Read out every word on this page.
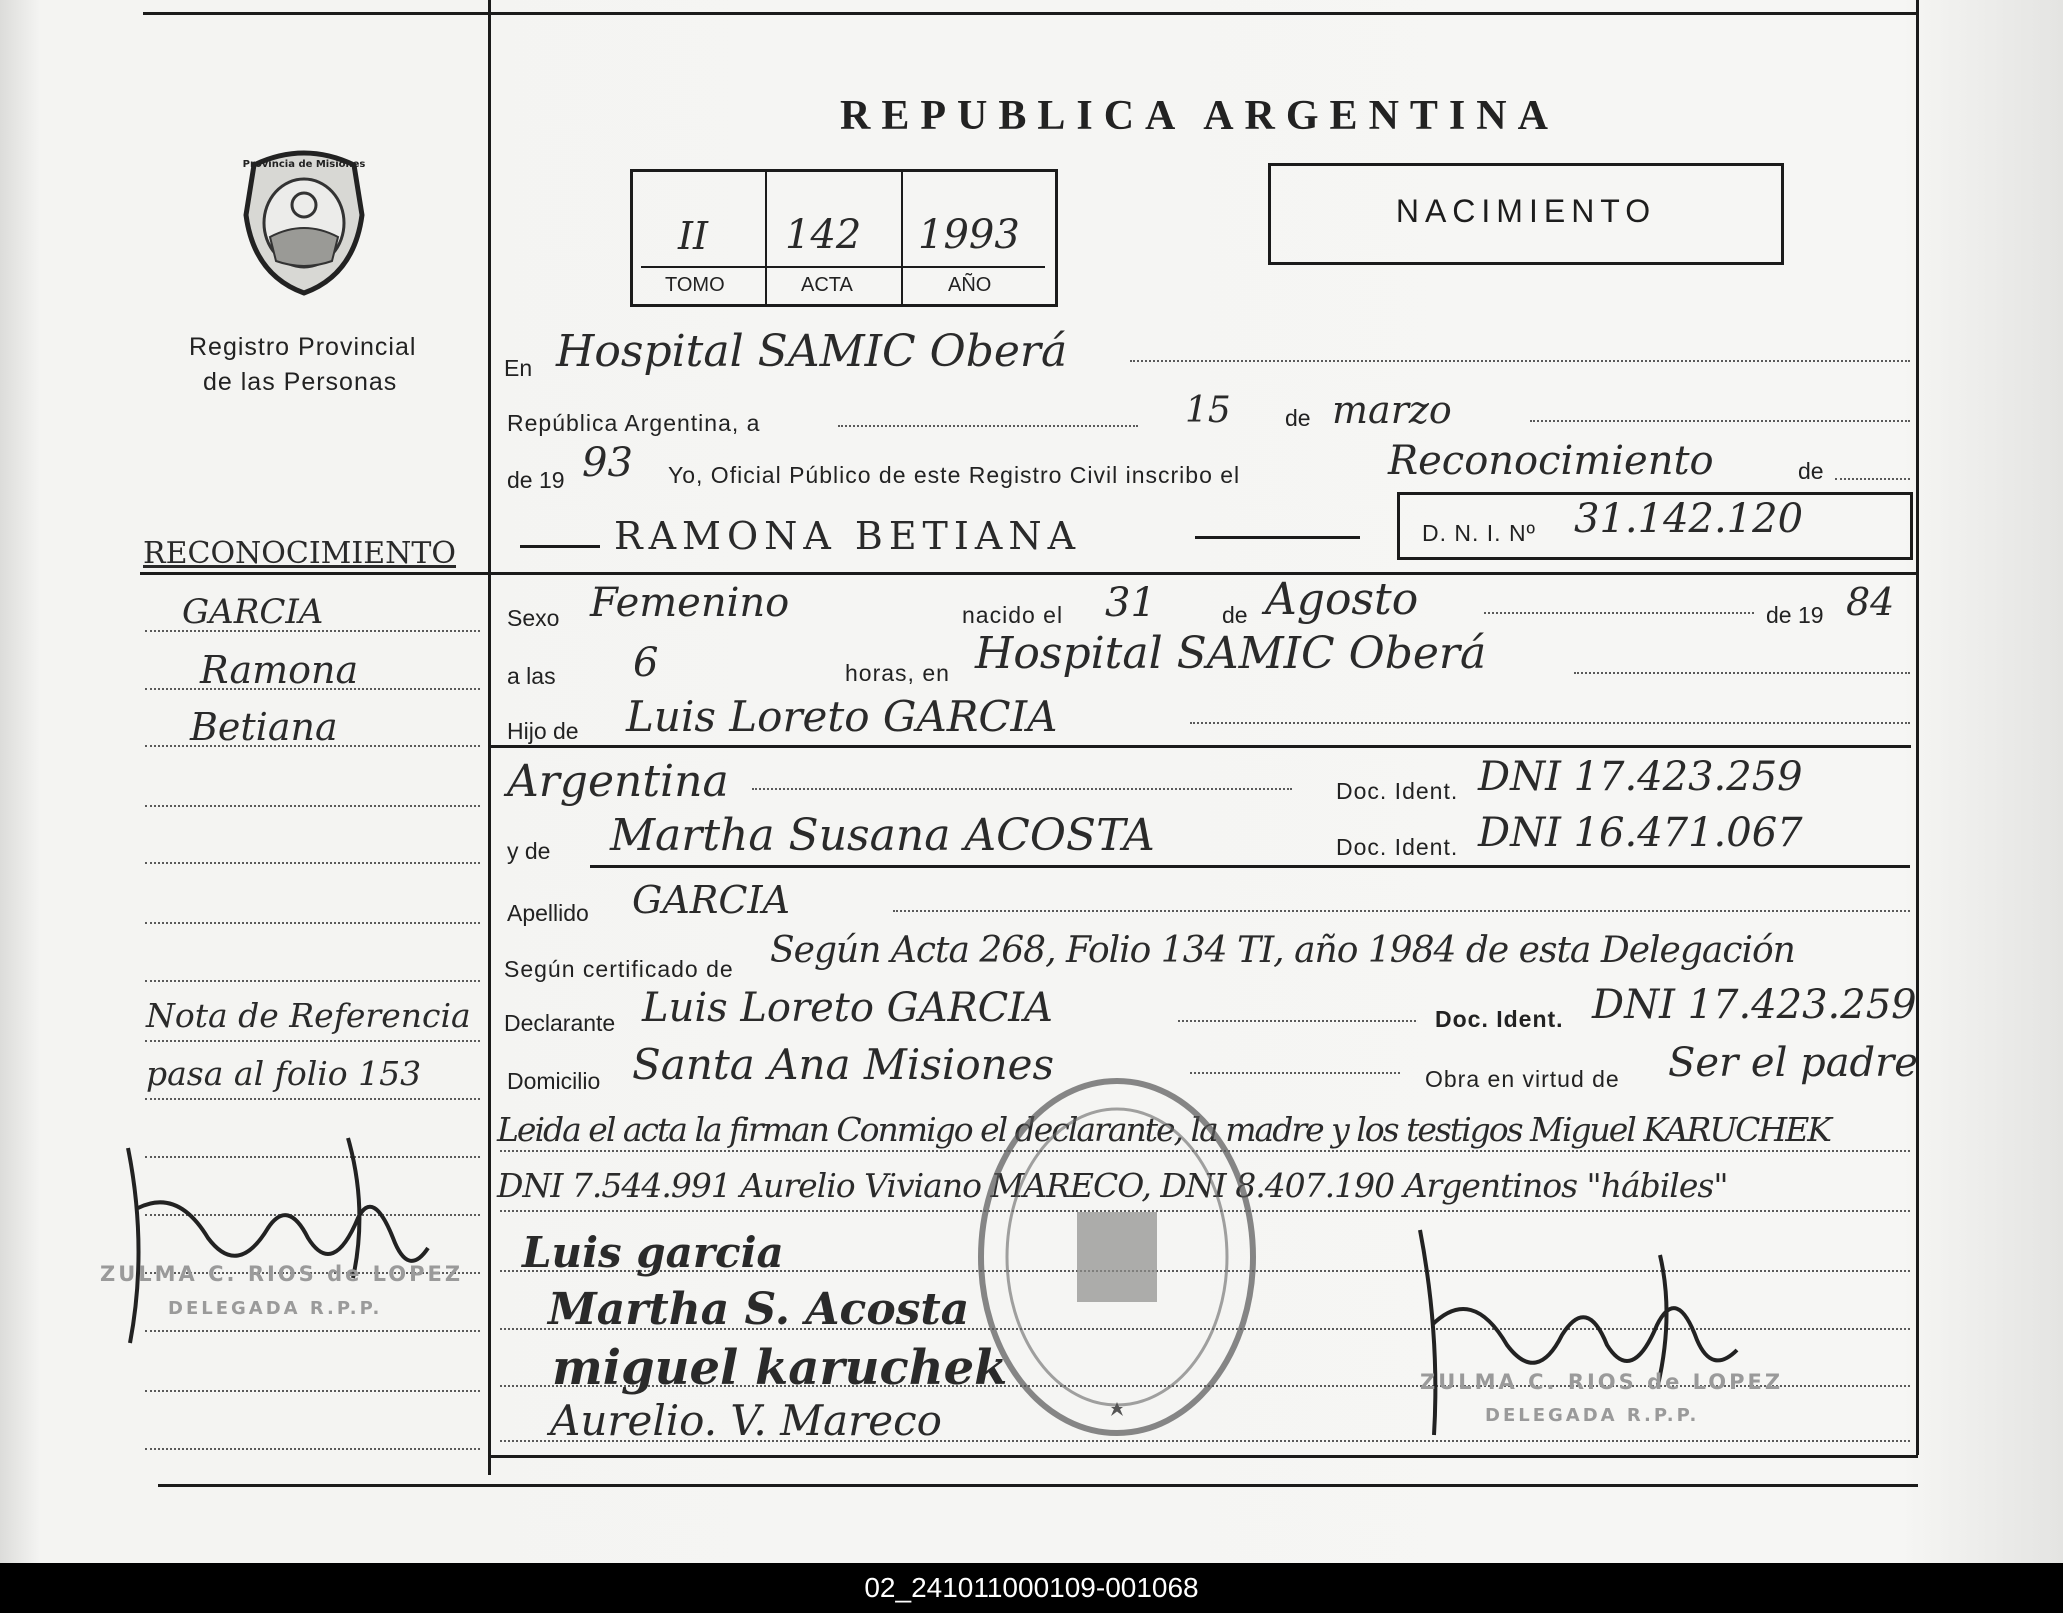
REPUBLICA ARGENTINA
NACIMIENTO
II 142 1993
TOMO	ACTA	AÑO
Provincia de Misiones
Registro Provincial
de las Personas
RECONOCIMIENTO
GARCIA
Ramona
Betiana
Nota de Referencia
pasa al folio 153
ZULMA C. RIOS de LOPEZ
DELEGADA R.P.P.
En Hospital SAMIC Oberá
República Argentina, a	15 de marzo
de 19 93 Yo, Oficial Público de este Registro Civil inscribo el	Reconocimiento	de
RAMONA BETIANA	D. N. I. Nº 31.142.120
Sexo Femenino	nacido el 31	de Agosto	de 19 84
a las 6	horas, en Hospital SAMIC Oberá
Hijo de Luis Loreto GARCIA
Argentina	Doc. Ident. DNI 17.423.259
y de Martha Susana ACOSTA	Doc. Ident. DNI 16.471.067
Apellido GARCIA
Según certificado de Según Acta 268, Folio 134 TI, año 1984 de esta Delegación
Declarante Luis Loreto GARCIA	Doc. Ident. DNI 17.423.259
Domicilio Santa Ana Misiones	Obra en virtud de Ser el padre
Leida el acta la firman Conmigo el declarante, la madre y los testigos Miguel KARUCHEK
DNI 7.544.991 Aurelio Viviano MARECO, DNI 8.407.190 Argentinos "hábiles"
Luis garcia
Martha S. Acosta
miguel karuchek
Aurelio. V. Mareco
ZULMA C. RIOS de LOPEZ
DELEGADA R.P.P.
02_241011000109-001068
